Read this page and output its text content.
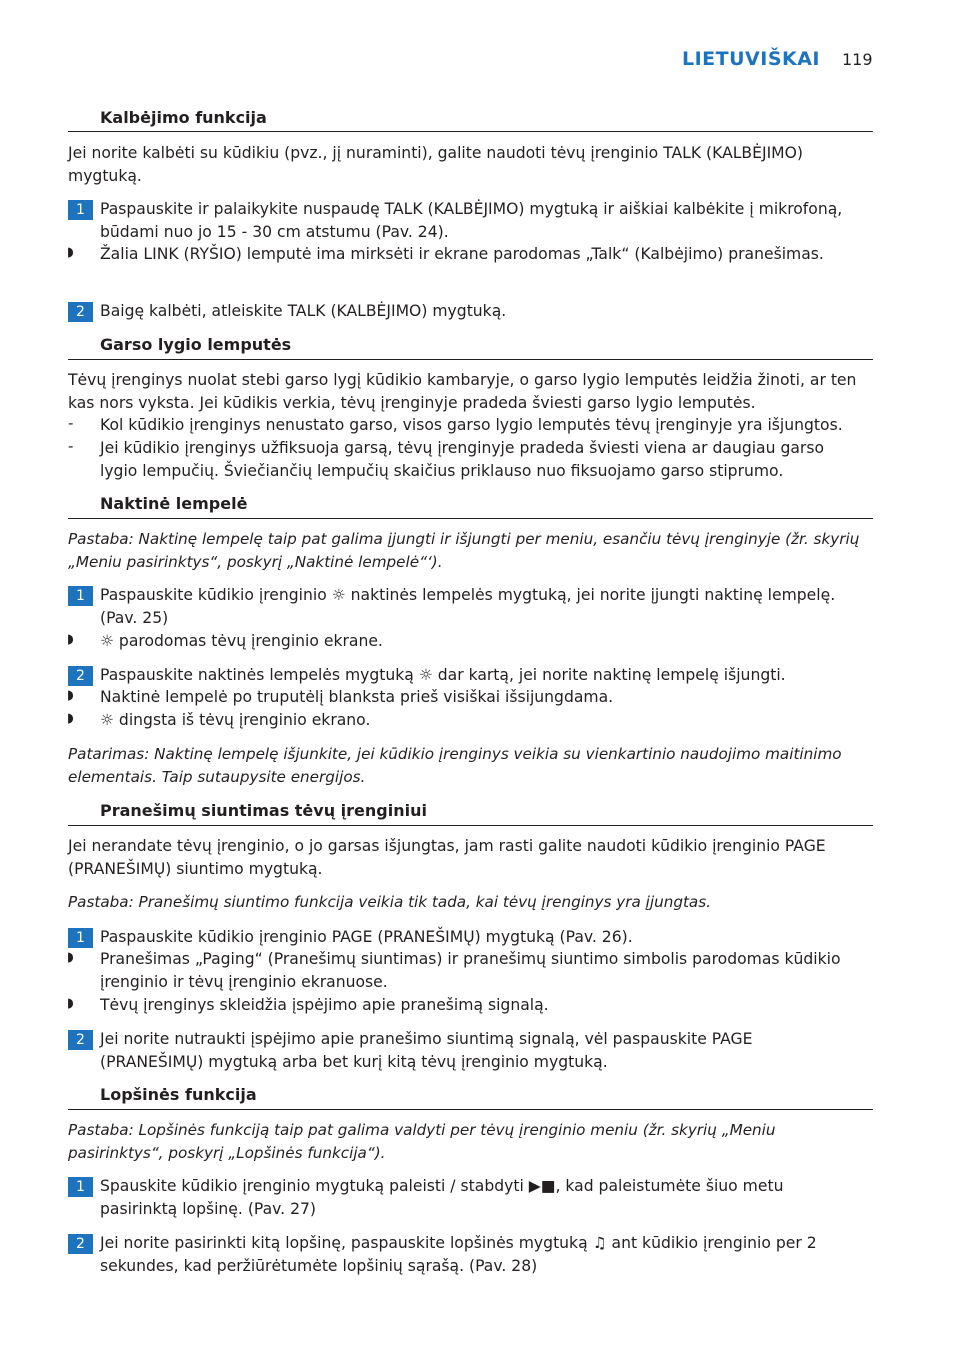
LIETUVIŠKAI 119
Kalbėjimo funkcija
Jei norite kalbėti su kūdikiu (pvz., jį nuraminti), galite naudoti tėvų įrenginio TALK (KALBĖJIMO) mygtuką.
1 Paspauskite ir palaikykite nuspaudę TALK (KALBĖJIMO) mygtuką ir aiškiai kalbėkite į mikrofoną, būdami nuo jo 15 - 30 cm atstumu (Pav. 24).
◗ Žalia LINK (RYŠIO) lemputė ima mirksėti ir ekrane parodomas „Talk“ (Kalbėjimo) pranešimas.
2 Baigę kalbėti, atleiskite TALK (KALBĖJIMO) mygtuką.
Garso lygio lemputės
Tėvų įrenginys nuolat stebi garso lygį kūdikio kambaryje, o garso lygio lemputės leidžia žinoti, ar ten kas nors vyksta. Jei kūdikis verkia, tėvų įrenginyje pradeda šviesti garso lygio lemputės.
- Kol kūdikio įrenginys nenustato garso, visos garso lygio lemputės tėvų įrenginyje yra išjungtos.
- Jei kūdikio įrenginys užfiksuoja garsą, tėvų įrenginyje pradeda šviesti viena ar daugiau garso lygio lempučių. Šviečiančių lempučių skaičius priklauso nuo fiksuojamo garso stiprumo.
Naktinė lempelė
Pastaba: Naktinę lempelę taip pat galima įjungti ir išjungti per meniu, esančiu tėvų įrenginyje (žr. skyrių „Meniu pasirinktys“, poskyrį „Naktinė lempelė“‘).
1 Paspauskite kūdikio įrenginio ☼ naktinės lempelės mygtuką, jei norite įjungti naktinę lempelę. (Pav. 25)
◗ ☼ parodomas tėvų įrenginio ekrane.
2 Paspauskite naktinės lempelės mygtuką ☼ dar kartą, jei norite naktinę lempelę išjungti.
◗ Naktinė lempelė po truputėlį blanksta prieš visiškai išsijungdama.
◗ ☼ dingsta iš tėvų įrenginio ekrano.
Patarimas: Naktinę lempelę išjunkite, jei kūdikio įrenginys veikia su vienkartinio naudojimo maitinimo elementais. Taip sutaupysite energijos.
Pranešimų siuntimas tėvų įrenginiui
Jei nerandate tėvų įrenginio, o jo garsas išjungtas, jam rasti galite naudoti kūdikio įrenginio PAGE (PRANEŠIMŲ) siuntimo mygtuką.
Pastaba: Pranešimų siuntimo funkcija veikia tik tada, kai tėvų įrenginys yra įjungtas.
1 Paspauskite kūdikio įrenginio PAGE (PRANEŠIMŲ) mygtuką (Pav. 26).
◗ Pranešimas „Paging“ (Pranešimų siuntimas) ir pranešimų siuntimo simbolis parodomas kūdikio įrenginio ir tėvų įrenginio ekranuose.
◗ Tėvų įrenginys skleidžia įspėjimo apie pranešimą signalą.
2 Jei norite nutraukti įspėjimo apie pranešimo siuntimą signalą, vėl paspauskite PAGE (PRANEŠIMŲ) mygtuką arba bet kurį kitą tėvų įrenginio mygtuką.
Lopšinės funkcija
Pastaba: Lopšinės funkciją taip pat galima valdyti per tėvų įrenginio meniu (žr. skyrių „Meniu pasirinktys“, poskyrį „Lopšinės funkcija“).
1 Spauskite kūdikio įrenginio mygtuką paleisti / stabdyti ▶■, kad paleistumėte šiuo metu pasirinktą lopšinę. (Pav. 27)
2 Jei norite pasirinkti kitą lopšinę, paspauskite lopšinės mygtuką ♫ ant kūdikio įrenginio per 2 sekundes, kad peržiūrėtumėte lopšinių sąrašą. (Pav. 28)
